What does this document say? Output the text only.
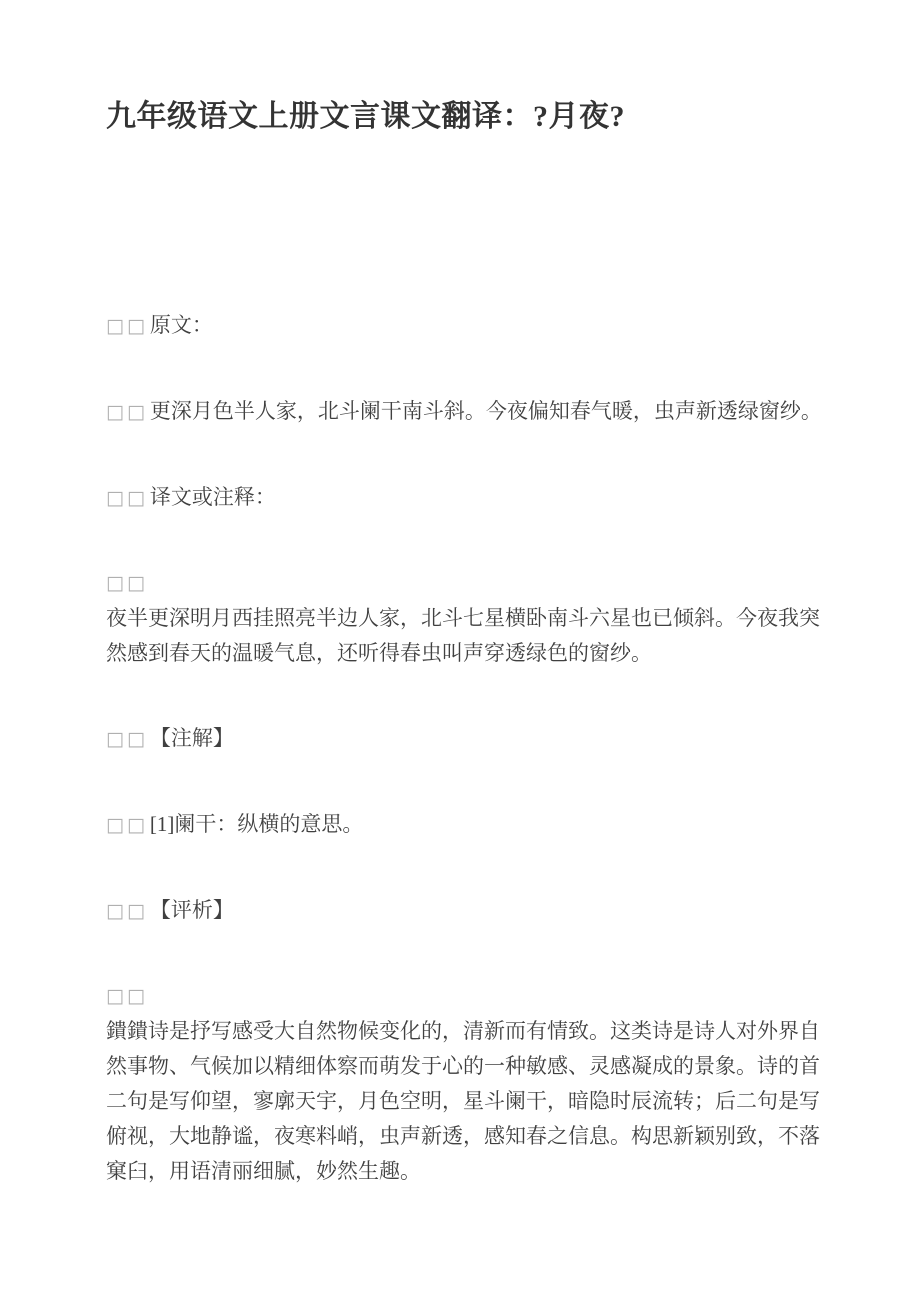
九年级语文上册文言课文翻译：?月夜?

□□原文：

□□更深月色半人家，北斗阑干南斗斜。今夜偏知春气暖，虫声新透绿窗纱。

□□译文或注释：

□□
夜半更深明月西挂照亮半边人家，北斗七星横卧南斗六星也已倾斜。今夜我突然感到春天的温暖气息，还听得春虫叫声穿透绿色的窗纱。

□□【注解】

□□[1]阑干：纵横的意思。

□□【评析】

□□
鐀鐀诗是抒写感受大自然物候变化的，清新而有情致。这类诗是诗人对外界自然事物、气候加以精细体察而萌发于心的一种敏感、灵感凝成的景象。诗的首二句是写仰望，寥廓天宇，月色空明，星斗阑干，暗隐时辰流转；后二句是写俯视，大地静谧，夜寒料峭，虫声新透，感知春之信息。构思新颖别致，不落窠臼，用语清丽细腻，妙然生趣。
